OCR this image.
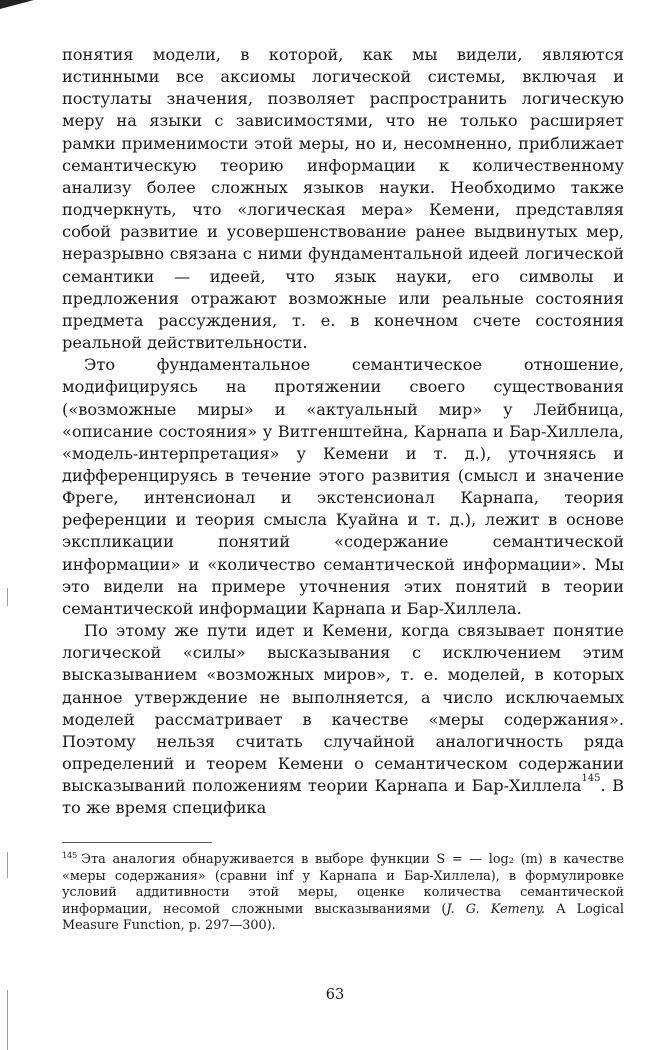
понятия модели, в которой, как мы видели, являются истинными все аксиомы логической системы, включая и постулаты значения, позволяет распространить логическую меру на языки с зависимостями, что не только расширяет рамки применимости этой меры, но и, несомненно, приближает семантическую теорию информации к количественному анализу более сложных языков науки. Необходимо также подчеркнуть, что «логическая мера» Кемени, представляя собой развитие и усовершенствование ранее выдвинутых мер, неразрывно связана с ними фундаментальной идеей логической семантики — идеей, что язык науки, его символы и предложения отражают возможные или реальные состояния предмета рассуждения, т. е. в конечном счете состояния реальной действительности.

Это фундаментальное семантическое отношение, модифицируясь на протяжении своего существования («возможные миры» и «актуальный мир» у Лейбница, «описание состояния» у Витгенштейна, Карнапа и Бар-Хиллела, «модель-интерпретация» у Кемени и т. д.), уточняясь и дифференцируясь в течение этого развития (смысл и значение Фреге, интенсионал и экстенсионал Карнапа, теория референции и теория смысла Куайна и т. д.), лежит в основе экспликации понятий «содержание семантической информации» и «количество семантической информации». Мы это видели на примере уточнения этих понятий в теории семантической информации Карнапа и Бар-Хиллела.

По этому же пути идет и Кемени, когда связывает понятие логической «силы» высказывания с исключением этим высказыванием «возможных миров», т. е. моделей, в которых данное утверждение не выполняется, а число исключаемых моделей рассматривает в качестве «меры содержания». Поэтому нельзя считать случайной аналогичность ряда определений и теорем Кемени о семантическом содержании высказываний положениям теории Карнапа и Бар-Хиллела$^{145}$. В то же время специфика

145 Эта аналогия обнаруживается в выборе функции S = — log₂ (m) в качестве «меры содержания» (сравни inf у Карнапа и Бар-Хиллела), в формулировке условий аддитивности этой меры, оценке количества семантической информации, несомой сложными высказываниями (J. G. Kemeny. A Logical Measure Function, p. 297—300).
63
